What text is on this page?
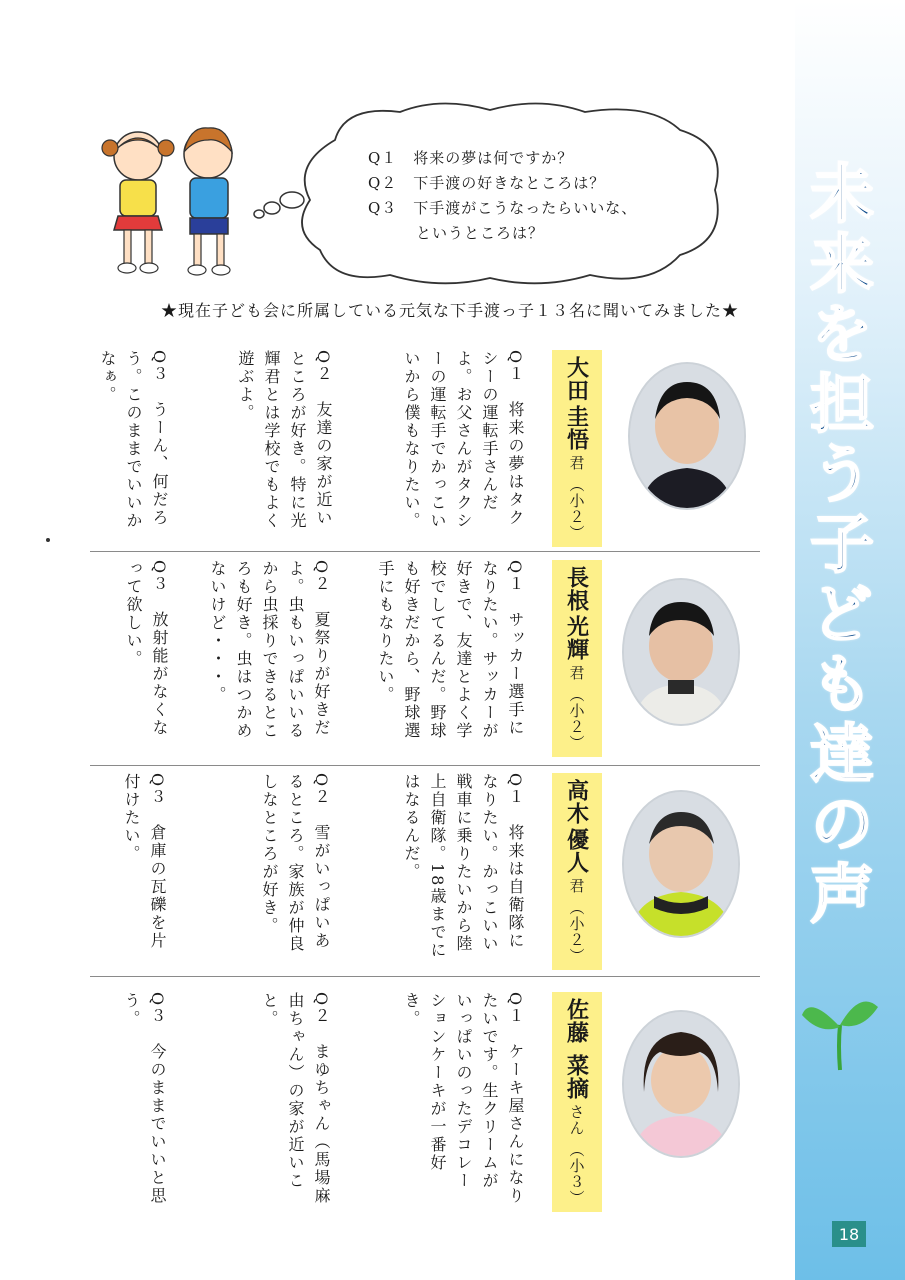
未来を担う子ども達の声
18
Q１　将来の夢は何ですか？
Q２　下手渡の好きなところは？
Q３　下手渡がこうなったらいいな、
　　　というところは？
★現在子ども会に所属している元気な下手渡っ子１３名に聞いてみました★
大田
圭悟
君
（小２）
Q１　将来の夢はタクシーの運転手さんだよ。お父さんがタクシーの運転手でかっこいいから僕もなりたい。
Q２　友達の家が近いところが好き。特に光輝君とは学校でもよく遊ぶよ。
Q３　うーん、何だろう。このままでいいかなぁ。
長根
光輝
君
（小２）
Q１　サッカー選手になりたい。サッカーが好きで、友達とよく学校でしてるんだ。野球も好きだから、野球選手にもなりたい。
Q２　夏祭りが好きだよ。虫もいっぱいいるから虫採りできるところも好き。虫はつかめないけど・・・。
Q３　放射能がなくなって欲しい。
高木
優人
君
（小２）
Q１　将来は自衛隊になりたい。かっこいい戦車に乗りたいから陸上自衛隊。18歳までにはなるんだ。
Q２　雪がいっぱいあるところ。家族が仲良しなところが好き。
Q３　倉庫の瓦礫を片付けたい。
佐藤
菜摘
さん
（小３）
Q１　ケーキ屋さんになりたいです。生クリームがいっぱいのったデコレーションケーキが一番好き。
Q２　まゆちゃん（馬場麻由ちゃん）の家が近いこと。
Q３　今のままでいいと思う。
